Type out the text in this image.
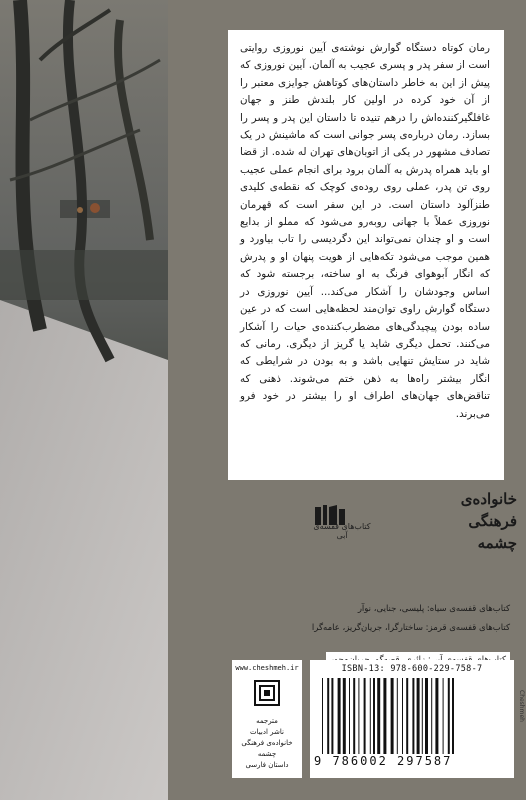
رمان کوتاه دستگاه گوارش نوشته‌ی آیین نوروزی روایتی است از سفر پدر و پسری عجیب به آلمان. آیین نوروزی که پیش از این به خاطر داستان‌های کوتاهش جوایزی معتبر را از آن خود کرده در اولین کار بلندش طنز و جهان غافلگیرکننده‌اش را درهم تنیده تا داستان این پدر و پسر را بسازد. رمان درباره‌ی پسر جوانی است که ماشینش در یک تصادف مشهور در یکی از اتوبان‌های تهران له شده. از قضا او باید همراه پدرش به آلمان برود برای انجام عملی عجیب روی تن پدر، عملی روی روده‌ی کوچک که نقطه‌ی کلیدی طنزآلود داستان است. در این سفر است که قهرمان نوروزی عملاً با جهانی روبه‌رو می‌شود که مملو از بدایع است و او چندان نمی‌تواند این دگردیسی را تاب بیاورد و همین موجب می‌شود تکه‌هایی از هویت پنهان او و پدرش که انگار آبوهوای فرنگ به او ساخته، برجسته شود که اساس وجودشان را آشکار می‌کند... آیین نوروزی در دستگاه گوارش راوی توان‌مند لحظه‌هایی است که در عین ساده بودن پیچیدگی‌های مضطرب‌کننده‌ی حیات را آشکار می‌کنند. تحمل دیگری شاید یا گریز از دیگری. رمانی که شاید در ستایش تنهایی باشد و به بودن در شرایطی که انگار بیشتر راه‌ها به ذهن ختم می‌شوند. ذهنی که تناقض‌های جهان‌های اطراف او را بیشتر در خود فرو می‌برند.

کتاب‌های قفسه‌ی آبی
خانواده‌ی
فرهنگی
چشمه
کتاب‌های قفسه‌ی سیاه: پلیسی، جنایی، نوآر
کتاب‌های قفسه‌ی قرمز: ساختارگرا، جریان‌گریز، عامه‌گرا
www.cheshmeh.ir
مترجمه
ناشر ادبیات
خانواده‌ی فرهنگی چشمه
داستان فارسی
ISBN-13: 978-600-229-758-7
9 786002 297587
Cheshmeh
